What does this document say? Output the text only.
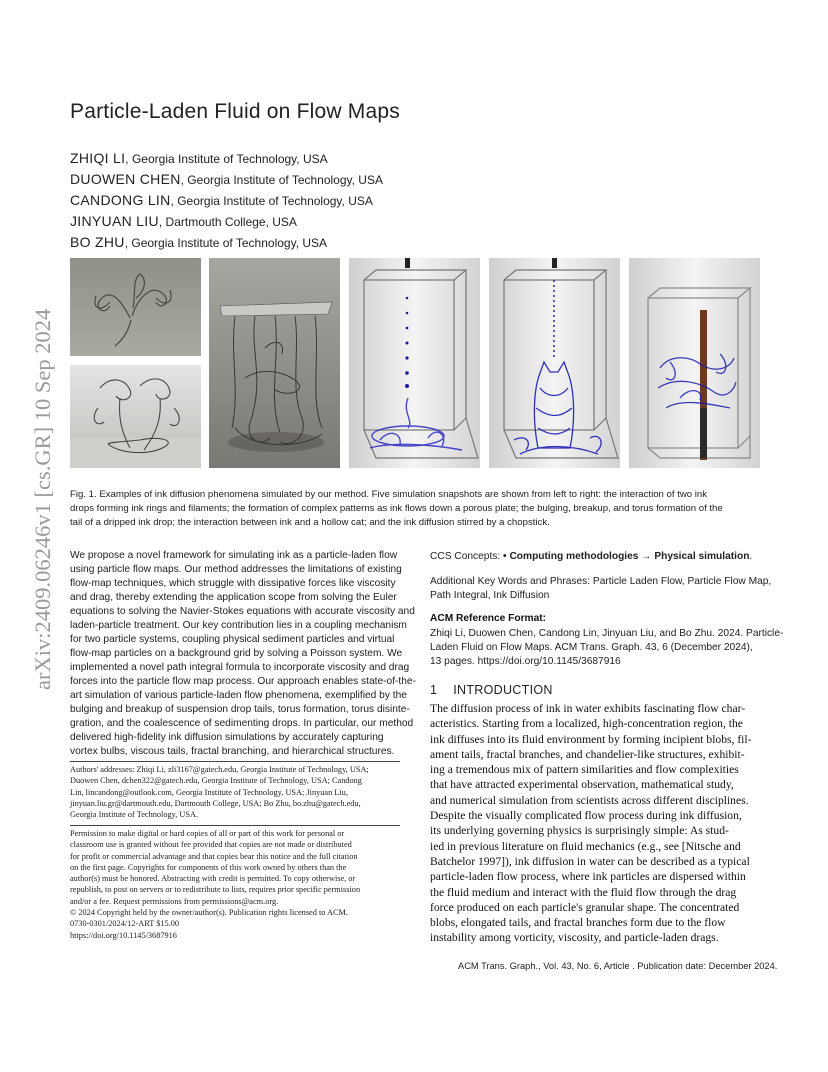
arXiv:2409.06246v1 [cs.GR] 10 Sep 2024
Particle-Laden Fluid on Flow Maps
ZHIQI LI, Georgia Institute of Technology, USA
DUOWEN CHEN, Georgia Institute of Technology, USA
CANDONG LIN, Georgia Institute of Technology, USA
JINYUAN LIU, Dartmouth College, USA
BO ZHU, Georgia Institute of Technology, USA
Fig. 1. Examples of ink diffusion phenomena simulated by our method. Five simulation snapshots are shown from left to right: the interaction of two ink
drops forming ink rings and filaments; the formation of complex patterns as ink flows down a porous plate; the bulging, breakup, and torus formation of the
tail of a dripped ink drop; the interaction between ink and a hollow cat; and the ink diffusion stirred by a chopstick.
We propose a novel framework for simulating ink as a particle-laden flow
using particle flow maps. Our method addresses the limitations of existing
flow-map techniques, which struggle with dissipative forces like viscosity
and drag, thereby extending the application scope from solving the Euler
equations to solving the Navier-Stokes equations with accurate viscosity and
laden-particle treatment. Our key contribution lies in a coupling mechanism
for two particle systems, coupling physical sediment particles and virtual
flow-map particles on a background grid by solving a Poisson system. We
implemented a novel path integral formula to incorporate viscosity and drag
forces into the particle flow map process. Our approach enables state-of-the-
art simulation of various particle-laden flow phenomena, exemplified by the
bulging and breakup of suspension drop tails, torus formation, torus disinte-
gration, and the coalescence of sedimenting drops. In particular, our method
delivered high-fidelity ink diffusion simulations by accurately capturing
vortex bulbs, viscous tails, fractal branching, and hierarchical structures.
Authors' addresses: Zhiqi Li, zli3167@gatech.edu, Georgia Institute of Technology, USA;
Duowen Chen, dchen322@gatech.edu, Georgia Institute of Technology, USA; Candong
Lin, lincandong@outlook.com, Georgia Institute of Technology, USA; Jinyuan Liu,
jinyuan.liu.gr@dartmouth.edu, Dartmouth College, USA; Bo Zhu, bo.zhu@gatech.edu,
Georgia Institute of Technology, USA.
Permission to make digital or hard copies of all or part of this work for personal or
classroom use is granted without fee provided that copies are not made or distributed
for profit or commercial advantage and that copies bear this notice and the full citation
on the first page. Copyrights for components of this work owned by others than the
author(s) must be honored. Abstracting with credit is permitted. To copy otherwise, or
republish, to post on servers or to redistribute to lists, requires prior specific permission
and/or a fee. Request permissions from permissions@acm.org.
© 2024 Copyright held by the owner/author(s). Publication rights licensed to ACM.
0730-0301/2024/12-ART $15.00
https://doi.org/10.1145/3687916
CCS Concepts: • Computing methodologies → Physical simulation.
Additional Key Words and Phrases: Particle Laden Flow, Particle Flow Map,
Path Integral, Ink Diffusion
ACM Reference Format:
Zhiqi Li, Duowen Chen, Candong Lin, Jinyuan Liu, and Bo Zhu. 2024. Particle-
Laden Fluid on Flow Maps. ACM Trans. Graph. 43, 6 (December 2024),
13 pages. https://doi.org/10.1145/3687916
1 INTRODUCTION
The diffusion process of ink in water exhibits fascinating flow char-
acteristics. Starting from a localized, high-concentration region, the
ink diffuses into its fluid environment by forming incipient blobs, fil-
ament tails, fractal branches, and chandelier-like structures, exhibit-
ing a tremendous mix of pattern similarities and flow complexities
that have attracted experimental observation, mathematical study,
and numerical simulation from scientists across different disciplines.
Despite the visually complicated flow process during ink diffusion,
its underlying governing physics is surprisingly simple: As stud-
ied in previous literature on fluid mechanics (e.g., see [Nitsche and
Batchelor 1997]), ink diffusion in water can be described as a typical
particle-laden flow process, where ink particles are dispersed within
the fluid medium and interact with the fluid flow through the drag
force produced on each particle's granular shape. The concentrated
blobs, elongated tails, and fractal branches form due to the flow
instability among vorticity, viscosity, and particle-laden drags.
ACM Trans. Graph., Vol. 43, No. 6, Article . Publication date: December 2024.
